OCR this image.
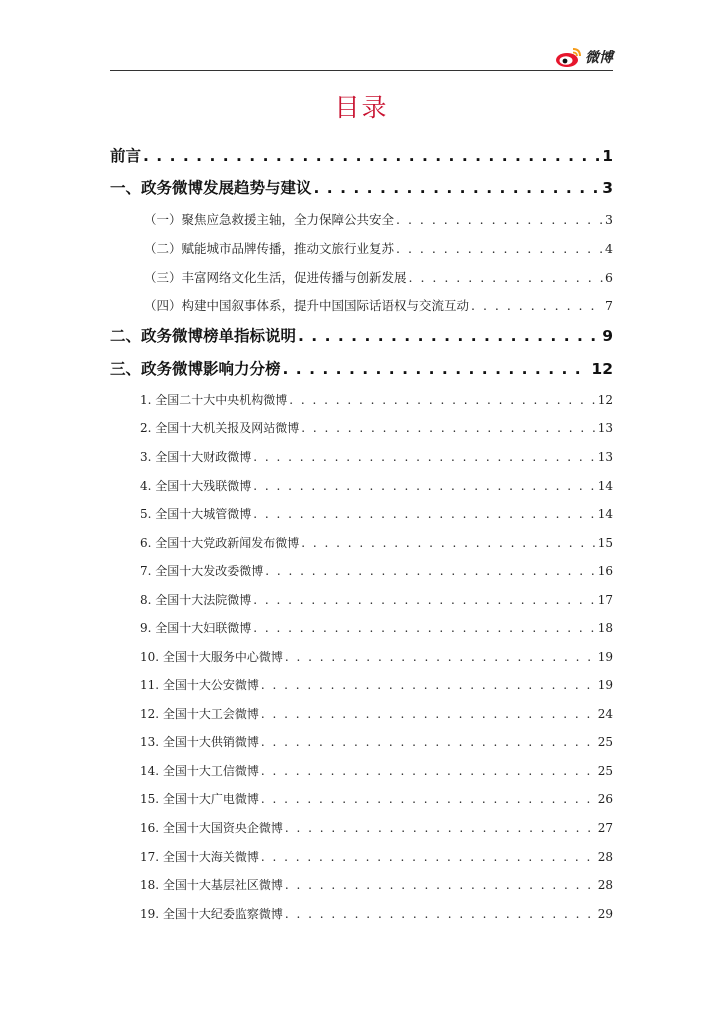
微博
目录
前言 . . .	1
一、政务微博发展趋势与建议 . . .	3
（一）聚焦应急救援主轴，全力保障公共安全 . . .	3
（二）赋能城市品牌传播，推动文旅行业复苏 . . .	4
（三）丰富网络文化生活，促进传播与创新发展 . . .	6
（四）构建中国叙事体系，提升中国国际话语权与交流互动 . . .	7
二、政务微博榜单指标说明 . . .	9
三、政务微博影响力分榜 . . .	12
1. 全国二十大中央机构微博 . . .	12
2. 全国十大机关报及网站微博 . . .	13
3. 全国十大财政微博 . . .	13
4. 全国十大残联微博 . . .	14
5. 全国十大城管微博 . . .	14
6. 全国十大党政新闻发布微博 . . .	15
7. 全国十大发改委微博 . . .	16
8. 全国十大法院微博 . . .	17
9. 全国十大妇联微博 . . .	18
10. 全国十大服务中心微博 . . .	19
11. 全国十大公安微博 . . .	19
12. 全国十大工会微博 . . .	24
13. 全国十大供销微博 . . .	25
14. 全国十大工信微博 . . .	25
15. 全国十大广电微博 . . .	26
16. 全国十大国资央企微博 . . .	27
17. 全国十大海关微博 . . .	28
18. 全国十大基层社区微博 . . .	28
19. 全国十大纪委监察微博 . . .	29
